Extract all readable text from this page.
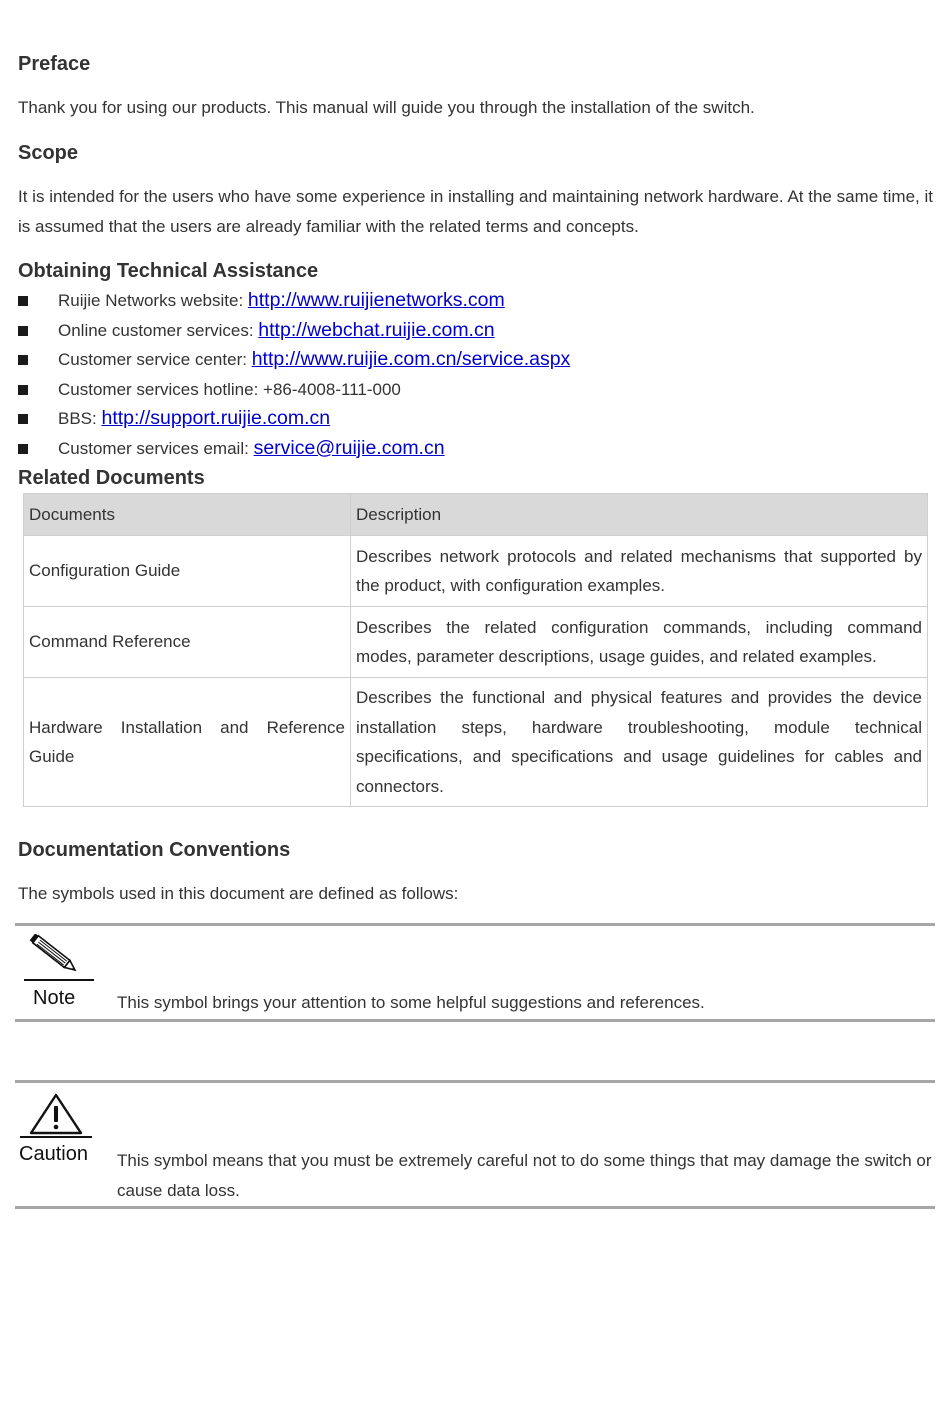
Preface

Thank you for using our products. This manual will guide you through the installation of the switch.

Scope

It is intended for the users who have some experience in installing and maintaining network hardware. At the same time, it is assumed that the users are already familiar with the related terms and concepts.

Obtaining Technical Assistance
Ruijie Networks website: http://www.ruijienetworks.com
Online customer services: http://webchat.ruijie.com.cn
Customer service center: http://www.ruijie.com.cn/service.aspx
Customer services hotline: +86-4008-111-000
BBS: http://support.ruijie.com.cn
Customer services email: service@ruijie.com.cn
Related Documents
Documents	Description
Configuration Guide	Describes network protocols and related mechanisms that supported by the product, with configuration examples.
Command Reference	Describes the related configuration commands, including command modes, parameter descriptions, usage guides, and related examples.
Hardware Installation and Reference Guide	Describes the functional and physical features and provides the device installation steps, hardware troubleshooting, module technical specifications, and specifications and usage guidelines for cables and connectors.
Documentation Conventions

The symbols used in this document are defined as follows:

Note This symbol brings your attention to some helpful suggestions and references.

Caution This symbol means that you must be extremely careful not to do some things that may damage the switch or cause data loss.
